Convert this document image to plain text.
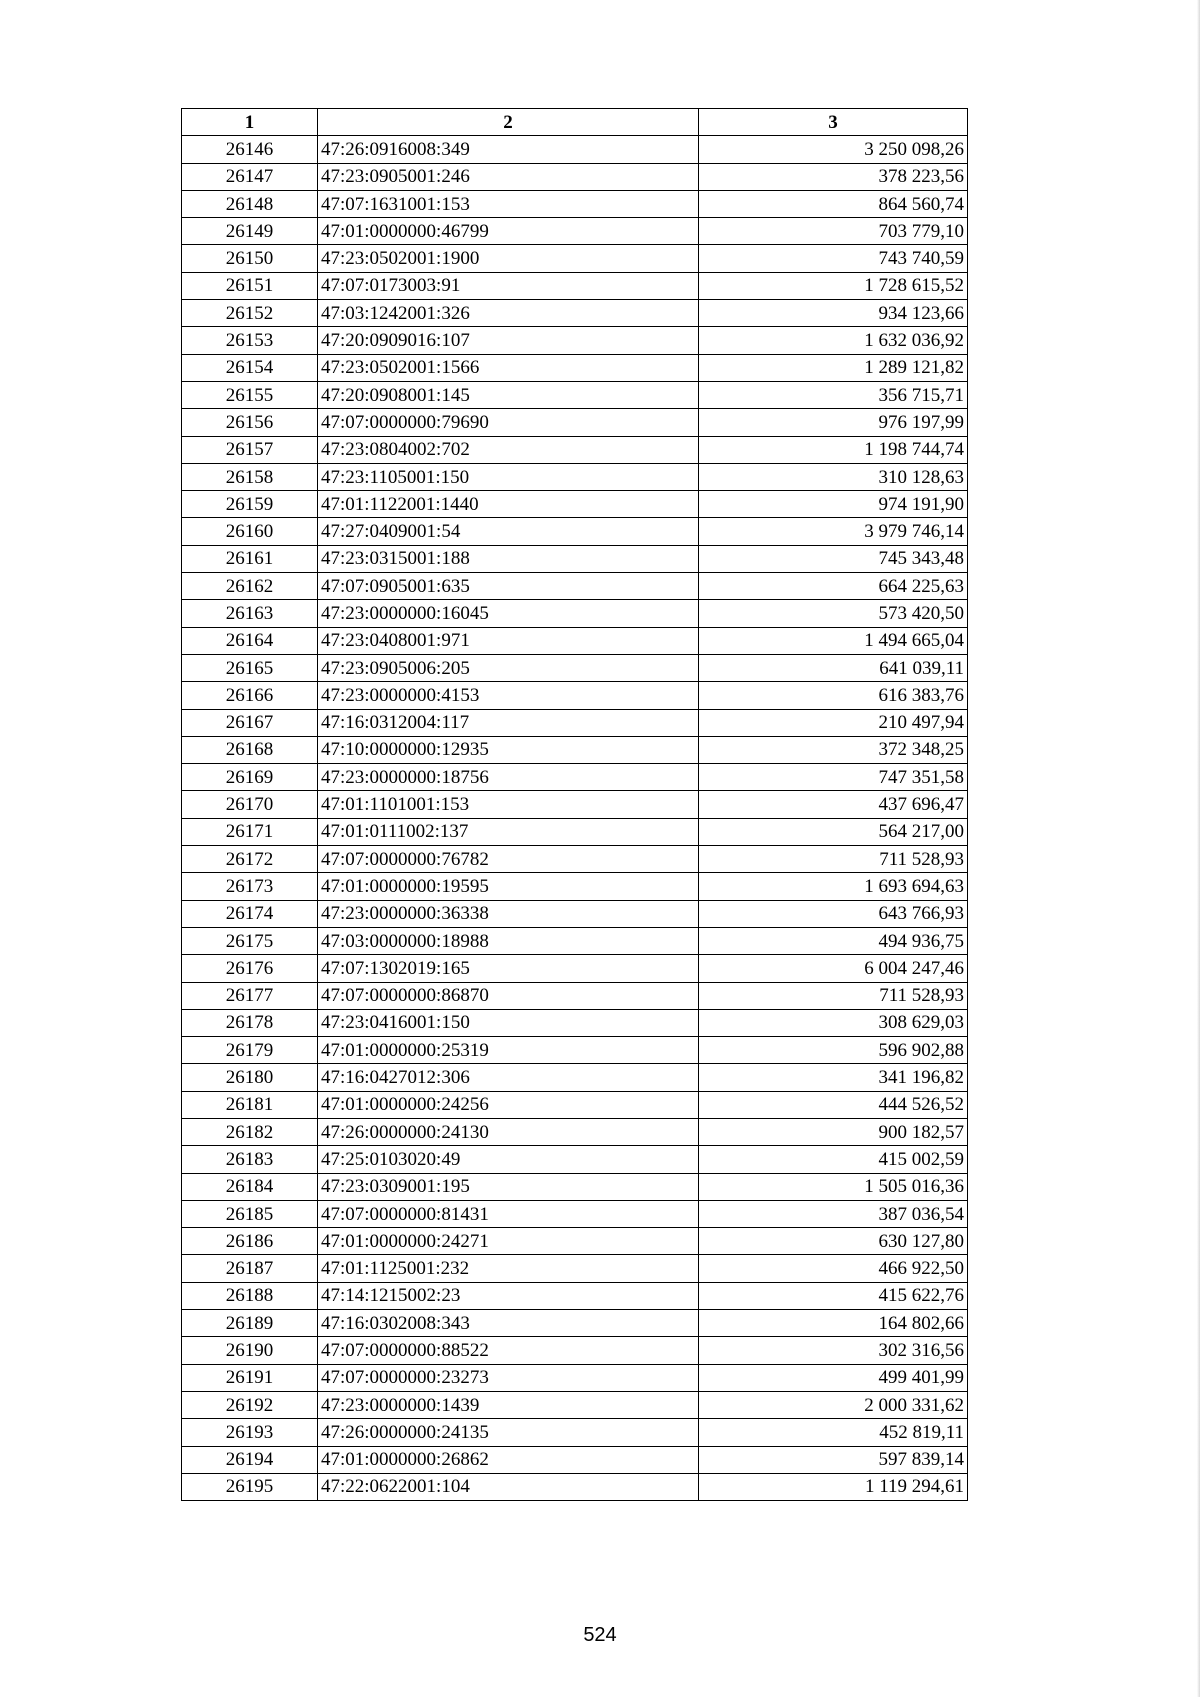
1	2	3
26146	47:26:0916008:349	3 250 098,26
26147	47:23:0905001:246	378 223,56
26148	47:07:1631001:153	864 560,74
26149	47:01:0000000:46799	703 779,10
26150	47:23:0502001:1900	743 740,59
26151	47:07:0173003:91	1 728 615,52
26152	47:03:1242001:326	934 123,66
26153	47:20:0909016:107	1 632 036,92
26154	47:23:0502001:1566	1 289 121,82
26155	47:20:0908001:145	356 715,71
26156	47:07:0000000:79690	976 197,99
26157	47:23:0804002:702	1 198 744,74
26158	47:23:1105001:150	310 128,63
26159	47:01:1122001:1440	974 191,90
26160	47:27:0409001:54	3 979 746,14
26161	47:23:0315001:188	745 343,48
26162	47:07:0905001:635	664 225,63
26163	47:23:0000000:16045	573 420,50
26164	47:23:0408001:971	1 494 665,04
26165	47:23:0905006:205	641 039,11
26166	47:23:0000000:4153	616 383,76
26167	47:16:0312004:117	210 497,94
26168	47:10:0000000:12935	372 348,25
26169	47:23:0000000:18756	747 351,58
26170	47:01:1101001:153	437 696,47
26171	47:01:0111002:137	564 217,00
26172	47:07:0000000:76782	711 528,93
26173	47:01:0000000:19595	1 693 694,63
26174	47:23:0000000:36338	643 766,93
26175	47:03:0000000:18988	494 936,75
26176	47:07:1302019:165	6 004 247,46
26177	47:07:0000000:86870	711 528,93
26178	47:23:0416001:150	308 629,03
26179	47:01:0000000:25319	596 902,88
26180	47:16:0427012:306	341 196,82
26181	47:01:0000000:24256	444 526,52
26182	47:26:0000000:24130	900 182,57
26183	47:25:0103020:49	415 002,59
26184	47:23:0309001:195	1 505 016,36
26185	47:07:0000000:81431	387 036,54
26186	47:01:0000000:24271	630 127,80
26187	47:01:1125001:232	466 922,50
26188	47:14:1215002:23	415 622,76
26189	47:16:0302008:343	164 802,66
26190	47:07:0000000:88522	302 316,56
26191	47:07:0000000:23273	499 401,99
26192	47:23:0000000:1439	2 000 331,62
26193	47:26:0000000:24135	452 819,11
26194	47:01:0000000:26862	597 839,14
26195	47:22:0622001:104	1 119 294,61
524
